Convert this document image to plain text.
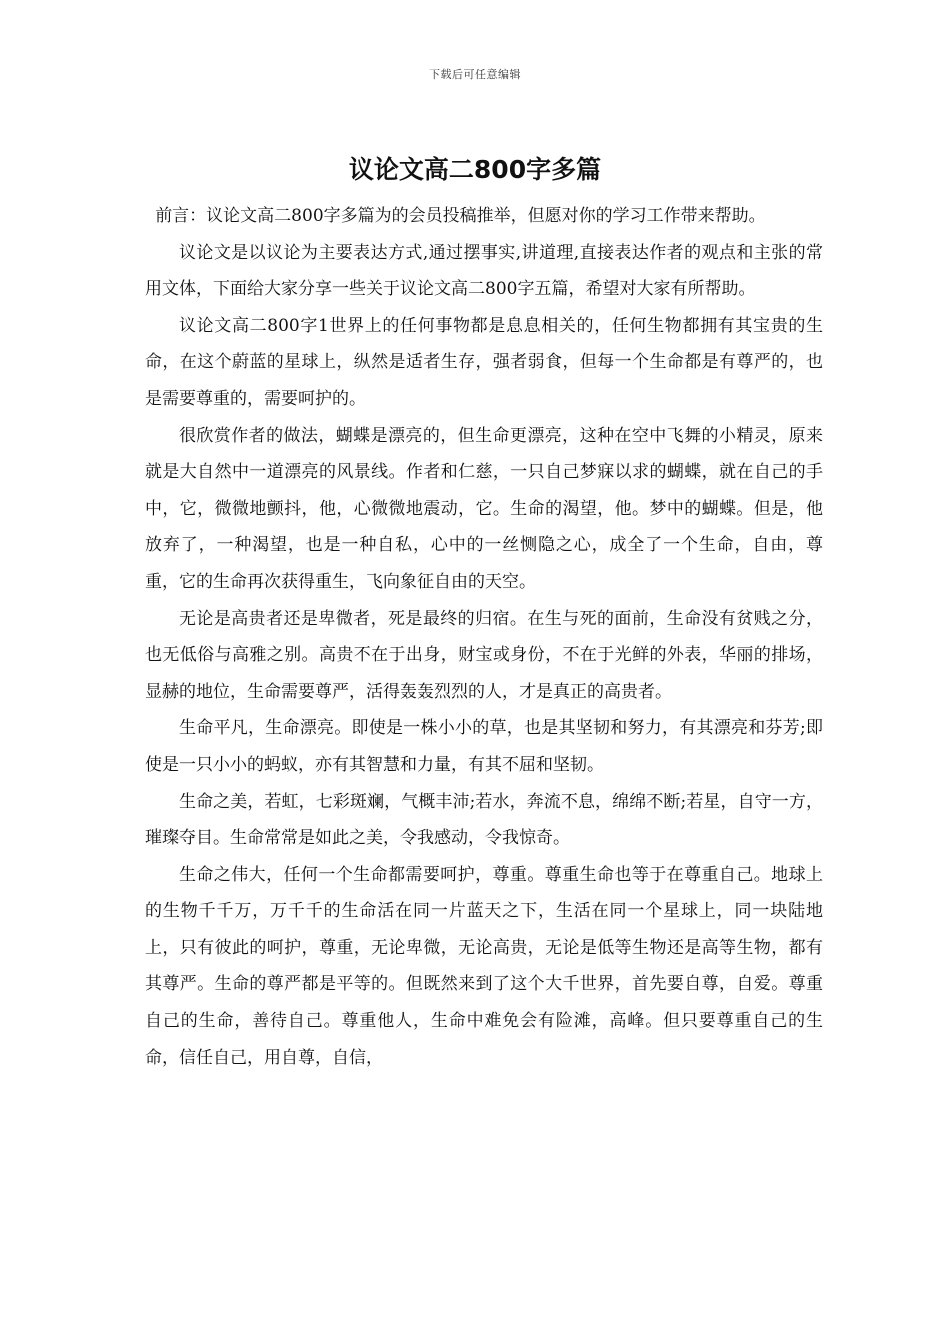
下载后可任意编辑
议论文高二800字多篇

前言：议论文高二800字多篇为的会员投稿推举，但愿对你的学习工作带来帮助。

议论文是以议论为主要表达方式,通过摆事实,讲道理,直接表达作者的观点和主张的常用文体，下面给大家分享一些关于议论文高二800字五篇，希望对大家有所帮助。

议论文高二800字1世界上的任何事物都是息息相关的，任何生物都拥有其宝贵的生命，在这个蔚蓝的星球上，纵然是适者生存，强者弱食，但每一个生命都是有尊严的，也是需要尊重的，需要呵护的。

很欣赏作者的做法，蝴蝶是漂亮的，但生命更漂亮，这种在空中飞舞的小精灵，原来就是大自然中一道漂亮的风景线。作者和仁慈，一只自己梦寐以求的蝴蝶，就在自己的手中，它，微微地颤抖，他，心微微地震动，它。生命的渴望，他。梦中的蝴蝶。但是，他放弃了，一种渴望，也是一种自私，心中的一丝恻隐之心，成全了一个生命，自由，尊重，它的生命再次获得重生，飞向象征自由的天空。

无论是高贵者还是卑微者，死是最终的归宿。在生与死的面前，生命没有贫贱之分，也无低俗与高雅之别。高贵不在于出身，财宝或身份，不在于光鲜的外表，华丽的排场，显赫的地位，生命需要尊严，活得轰轰烈烈的人，才是真正的高贵者。

生命平凡，生命漂亮。即使是一株小小的草，也是其坚韧和努力，有其漂亮和芬芳;即使是一只小小的蚂蚁，亦有其智慧和力量，有其不屈和坚韧。

生命之美，若虹，七彩斑斓，气概丰沛;若水，奔流不息，绵绵不断;若星，自守一方，璀璨夺目。生命常常是如此之美，令我感动，令我惊奇。

生命之伟大，任何一个生命都需要呵护，尊重。尊重生命也等于在尊重自己。地球上的生物千千万，万千千的生命活在同一片蓝天之下，生活在同一个星球上，同一块陆地上，只有彼此的呵护，尊重，无论卑微，无论高贵，无论是低等生物还是高等生物，都有其尊严。生命的尊严都是平等的。但既然来到了这个大千世界，首先要自尊，自爱。尊重自己的生命，善待自己。尊重他人，生命中难免会有险滩，高峰。但只要尊重自己的生命，信任自己，用自尊，自信，
